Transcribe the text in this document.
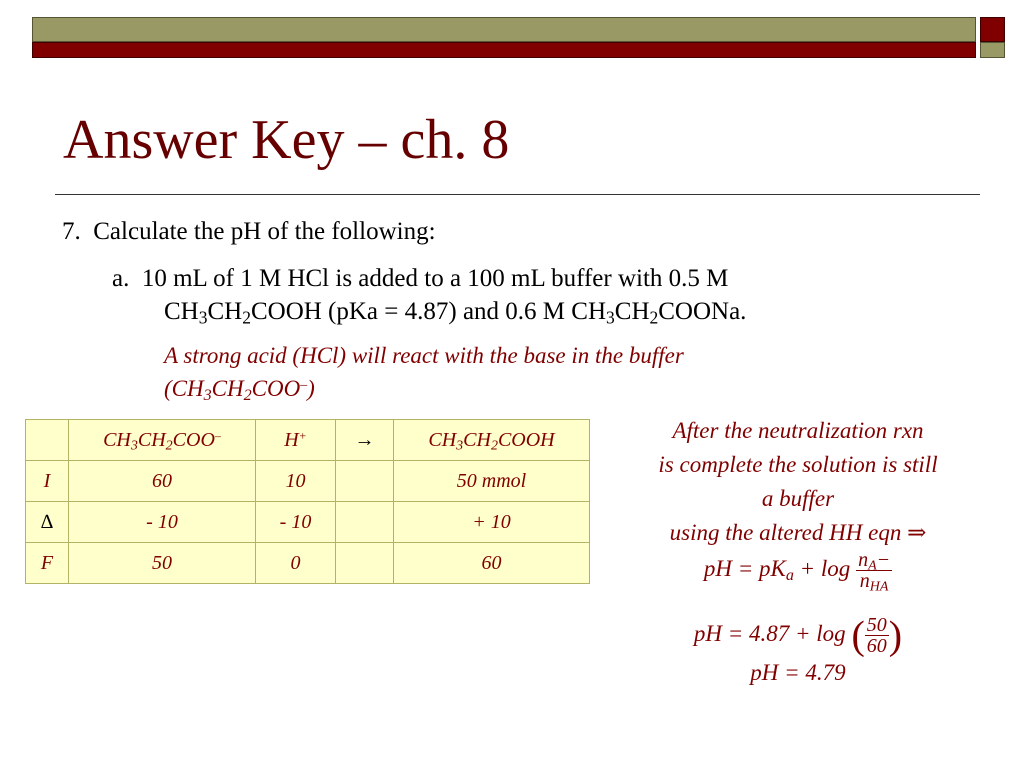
Answer Key – ch. 8
7. Calculate the pH of the following:
a. 10 mL of 1 M HCl is added to a 100 mL buffer with 0.5 M
$CH_3CH_2COOH$ (pKa = 4.87) and 0.6 M $CH_3CH_2COONa$.
A strong acid (HCl) will react with the base in the buffer
$(CH_3CH_2COO^-)$
	$CH_3CH_2COO^-$	H+	→	$CH_3CH_2COOH$
I	60	10		50 mmol
∆	- 10	- 10		+ 10
F	50	0		60
After the neutralization rxn
is complete the solution is still
a buffer
using the altered HH eqn ⇒
pH = $pK_a + \log \frac{n_A-}{n_{HA}}$
pH = 4.87 + log ( $\frac{50}{60}$ )
pH = 4.79
